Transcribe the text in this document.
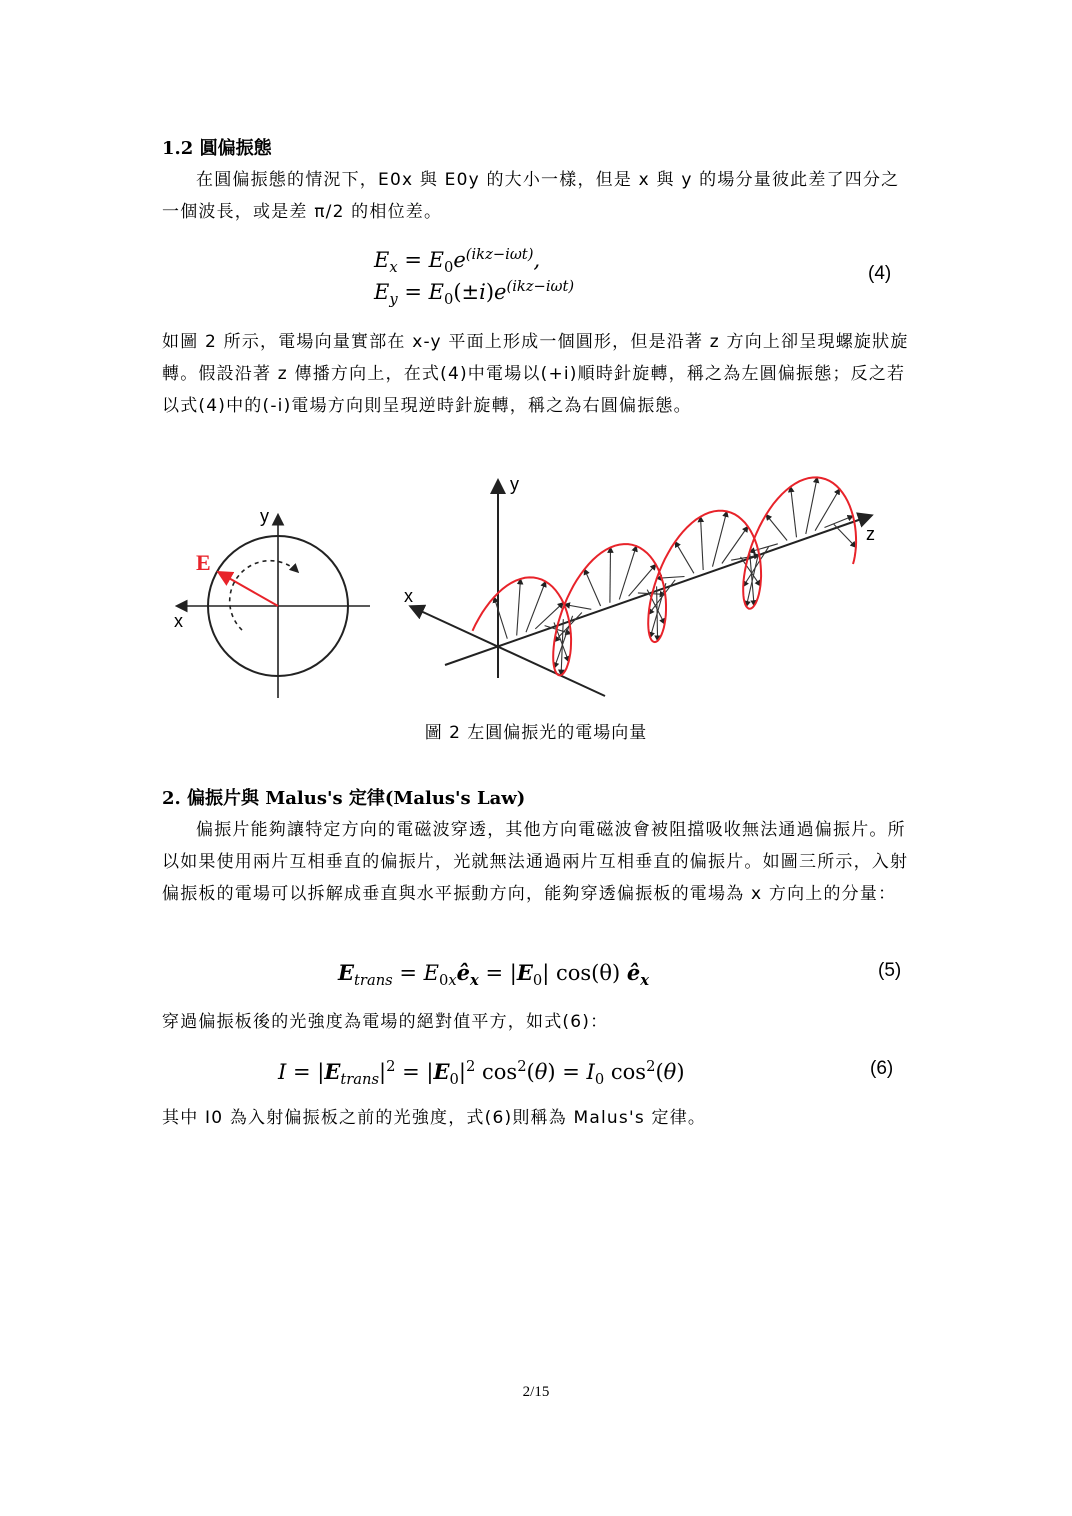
1.2 圓偏振態
在圓偏振態的情況下，E0x 與 E0y 的大小一樣，但是 x 與 y 的場分量彼此差了四分之一個波長，或是差 π/2 的相位差。
$E_x = E_0e^{(ikz-i\omega t)}$,
$E_y = E_0(\pm i)e^{(ikz-i\omega t)}$
(4)
如圖 2 所示，電場向量實部在 x-y 平面上形成一個圓形，但是沿著 z 方向上卻呈現螺旋狀旋轉。假設沿著 z 傳播方向上，在式(4)中電場以(+i)順時針旋轉，稱之為左圓偏振態；反之若以式(4)中的(-i)電場方向則呈現逆時針旋轉，稱之為右圓偏振態。
y
x
E
y
x
z
圖 2 左圓偏振光的電場向量
2. 偏振片與 Malus's 定律(Malus's Law)
偏振片能夠讓特定方向的電磁波穿透，其他方向電磁波會被阻擋吸收無法通過偏振片。所以如果使用兩片互相垂直的偏振片，光就無法通過兩片互相垂直的偏振片。如圖三所示，入射偏振板的電場可以拆解成垂直與水平振動方向，能夠穿透偏振板的電場為 x 方向上的分量：
$E_{trans}$ = $E_{0x}ê_x = |E_0|$ cos(θ) $ê_x$	(5)
穿過偏振板後的光強度為電場的絕對值平方，如式(6)：
$I = |E_{trans}|^2 = |E_0|^2$ $\cos^2(\theta) = I_0$ $\cos^2(\theta)$	(6)
其中 I0 為入射偏振板之前的光強度，式(6)則稱為 Malus's 定律。
2/15
